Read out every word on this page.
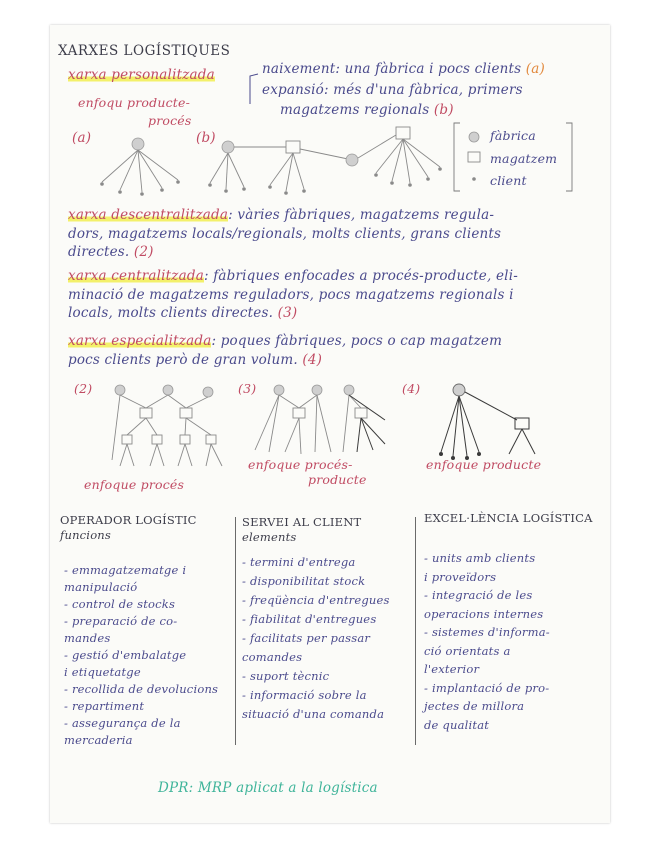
XARXES LOGÍSTIQUES
xarxa personalitzada	naixement: una fàbrica i pocs clients (a)
expansió: més d'una fàbrica, primers
magatzems regionals (b)
enfoqu producte-
procés
(a)	(b)	fàbrica
magatzem
client
xarxa descentralitzada: vàries fàbriques, magatzems regula-
dors, magatzems locals/regionals, molts clients, grans clients
directes. (2)
xarxa centralitzada: fàbriques enfocades a procés-producte, eli-
minació de magatzems reguladors, pocs magatzems regionals i
locals, molts clients directes. (3)
xarxa especialitzada: poques fàbriques, pocs o cap magatzem
pocs clients però de gran volum. (4)
(2)	(3)	(4)
enfoque procés
enfoque procés-
producte
enfoque producte
OPERADOR LOGÍSTIC
funcions
SERVEI AL CLIENT
elements
EXCEL·LÈNCIA LOGÍSTICA
DPR: MRP aplicat a la logística
- emmagatzematge i
manipulació
- control de stocks
- preparació de co-
mandes
- gestió d'embalatge
i etiquetatge
- recollida de devolucions
- repartiment
- assegurança de la
mercaderia
- termini d'entrega
- disponibilitat stock
- freqüència d'entregues
- fiabilitat d'entregues
- facilitats per passar
comandes
- suport tècnic
- informació sobre la
situació d'una comanda
- units amb clients
i proveïdors
- integració de les
operacions internes
- sistemes d'informa-
ció orientats a
l'exterior
- implantació de pro-
jectes de millora
de qualitat
